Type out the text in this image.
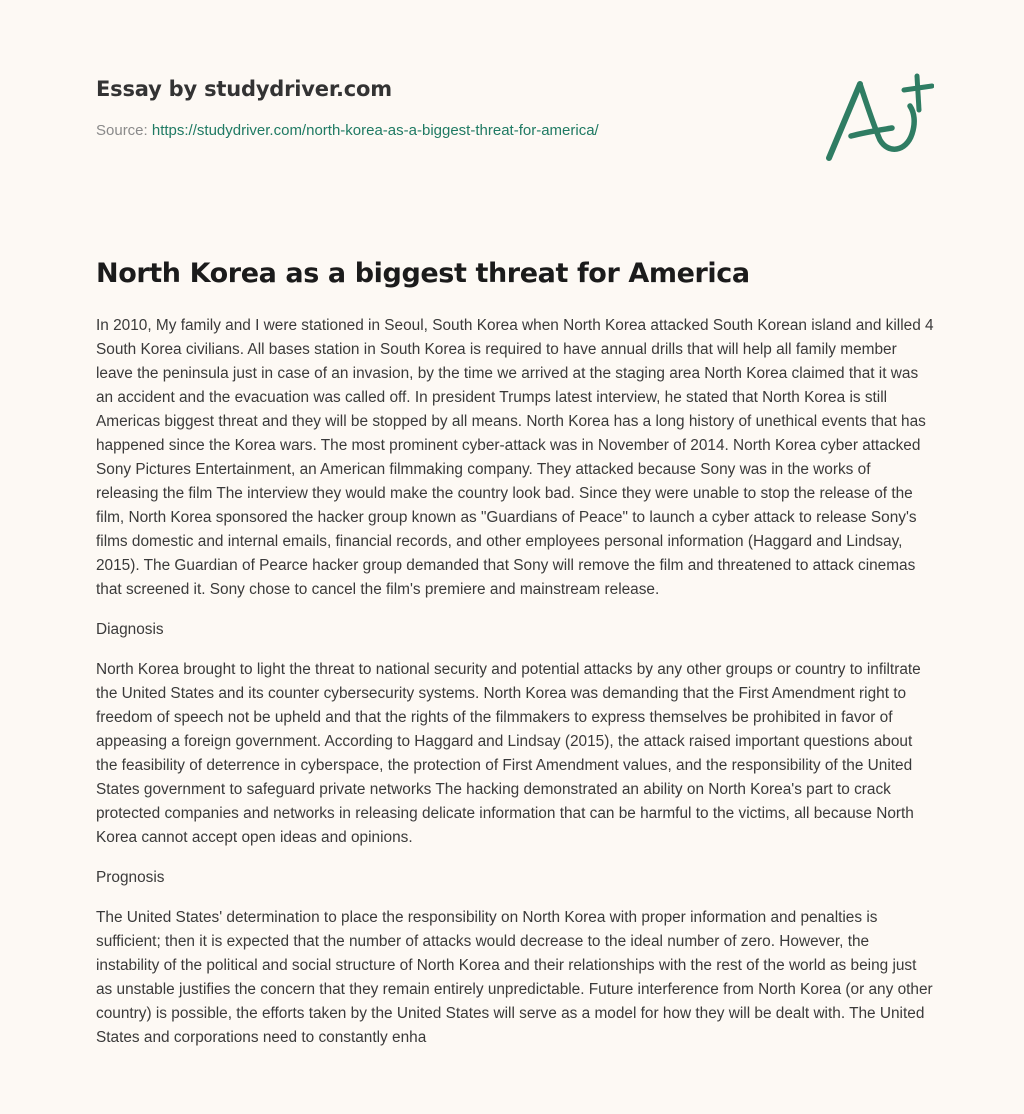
Essay by studydriver.com
Source: https://studydriver.com/north-korea-as-a-biggest-threat-for-america/
North Korea as a biggest threat for America

In 2010, My family and I were stationed in Seoul, South Korea when North Korea attacked South Korean island and killed 4 South Korea civilians. All bases station in South Korea is required to have annual drills that will help all family member leave the peninsula just in case of an invasion, by the time we arrived at the staging area North Korea claimed that it was an accident and the evacuation was called off. In president Trumps latest interview, he stated that North Korea is still Americas biggest threat and they will be stopped by all means. North Korea has a long history of unethical events that has happened since the Korea wars. The most prominent cyber-attack was in November of 2014. North Korea cyber attacked Sony Pictures Entertainment, an American filmmaking company. They attacked because Sony was in the works of releasing the film The interview they would make the country look bad. Since they were unable to stop the release of the film, North Korea sponsored the hacker group known as "Guardians of Peace" to launch a cyber attack to release Sony's films domestic and internal emails, financial records, and other employees personal information (Haggard and Lindsay, 2015). The Guardian of Pearce hacker group demanded that Sony will remove the film and threatened to attack cinemas that screened it. Sony chose to cancel the film's premiere and mainstream release.

Diagnosis

North Korea brought to light the threat to national security and potential attacks by any other groups or country to infiltrate the United States and its counter cybersecurity systems. North Korea was demanding that the First Amendment right to freedom of speech not be upheld and that the rights of the filmmakers to express themselves be prohibited in favor of appeasing a foreign government. According to Haggard and Lindsay (2015), the attack raised important questions about the feasibility of deterrence in cyberspace, the protection of First Amendment values, and the responsibility of the United States government to safeguard private networks The hacking demonstrated an ability on North Korea's part to crack protected companies and networks in releasing delicate information that can be harmful to the victims, all because North Korea cannot accept open ideas and opinions.

Prognosis

The United States' determination to place the responsibility on North Korea with proper information and penalties is sufficient; then it is expected that the number of attacks would decrease to the ideal number of zero. However, the instability of the political and social structure of North Korea and their relationships with the rest of the world as being just as unstable justifies the concern that they remain entirely unpredictable. Future interference from North Korea (or any other country) is possible, the efforts taken by the United States will serve as a model for how they will be dealt with. The United States and corporations need to constantly enha
